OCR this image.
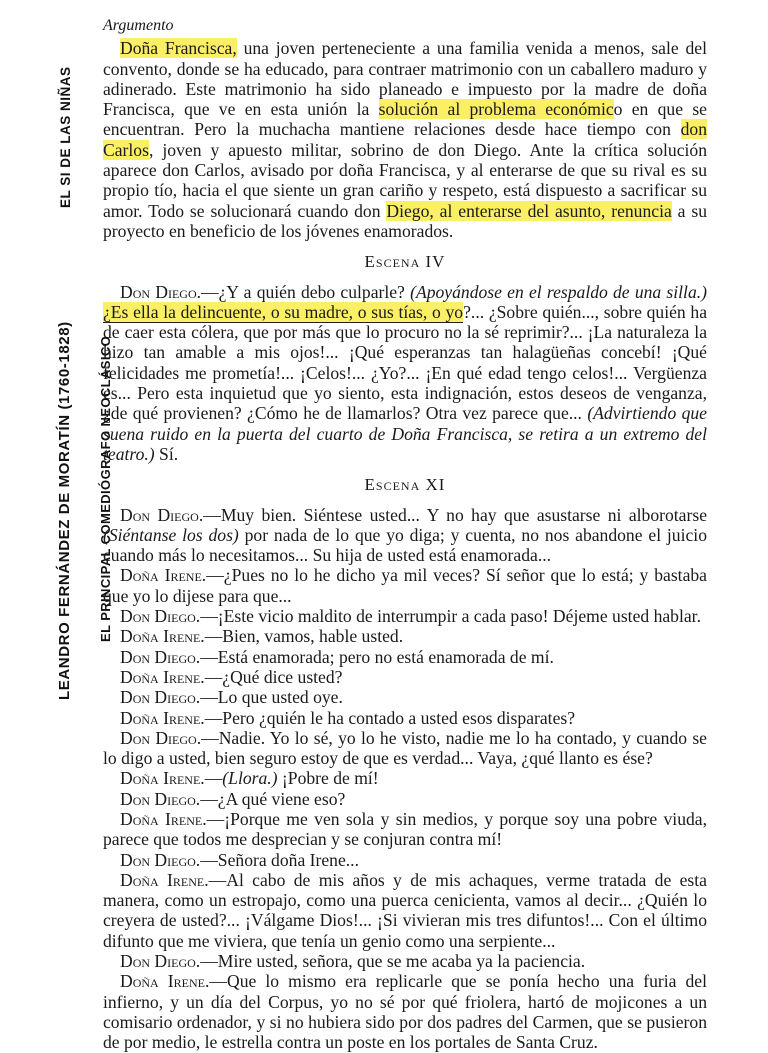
EL SI DE LAS NIÑAS
LEANDRO FERNÁNDEZ DE MORATÍN (1760-1828) EL PRINCIPAL COMEDIÓGRAFO NEOCLÁSICO
Argumento

Doña Francisca, una joven perteneciente a una familia venida a menos, sale del convento, donde se ha educado, para contraer matrimonio con un caballero maduro y adinerado. Este matrimonio ha sido planeado e impuesto por la madre de doña Francisca, que ve en esta unión la solución al problema económico en que se encuentran. Pero la muchacha mantiene relaciones desde hace tiempo con don Carlos, joven y apuesto militar, sobrino de don Diego. Ante la crítica solución aparece don Carlos, avisado por doña Francisca, y al enterarse de que su rival es su propio tío, hacia el que siente un gran cariño y respeto, está dispuesto a sacrificar su amor. Todo se solucionará cuando don Diego, al enterarse del asunto, renuncia a su proyecto en beneficio de los jóvenes enamorados.

Escena IV

Don Diego.—¿Y a quién debo culparle? (Apoyándose en el respaldo de una silla.) ¿Es ella la delincuente, o su madre, o sus tías, o yo?... ¿Sobre quién..., sobre quién ha de caer esta cólera, que por más que lo procuro no la sé reprimir?... ¡La naturaleza la hizo tan amable a mis ojos!... ¡Qué esperanzas tan halagüeñas concebí! ¡Qué felicidades me prometía!... ¡Celos!... ¿Yo?... ¡En qué edad tengo celos!... Vergüenza es... Pero esta inquietud que yo siento, esta indignación, estos deseos de venganza, ¿de qué provienen? ¿Cómo he de llamarlos? Otra vez parece que... (Advirtiendo que suena ruido en la puerta del cuarto de Doña Francisca, se retira a un extremo del teatro.) Sí.

Escena XI

Don Diego.—Muy bien. Siéntese usted... Y no hay que asustarse ni alborotarse (Siéntanse los dos) por nada de lo que yo diga; y cuenta, no nos abandone el juicio cuando más lo necesitamos... Su hija de usted está enamorada...

Doña Irene.—¿Pues no lo he dicho ya mil veces? Sí señor que lo está; y bastaba que yo lo dijese para que...

Don Diego.—¡Este vicio maldito de interrumpir a cada paso! Déjeme usted hablar.

Doña Irene.—Bien, vamos, hable usted.

Don Diego.—Está enamorada; pero no está enamorada de mí.

Doña Irene.—¿Qué dice usted?

Don Diego.—Lo que usted oye.

Doña Irene.—Pero ¿quién le ha contado a usted esos disparates?

Don Diego.—Nadie. Yo lo sé, yo lo he visto, nadie me lo ha contado, y cuando se lo digo a usted, bien seguro estoy de que es verdad... Vaya, ¿qué llanto es ése?

Doña Irene.—(Llora.) ¡Pobre de mí!

Don Diego.—¿A qué viene eso?

Doña Irene.—¡Porque me ven sola y sin medios, y porque soy una pobre viuda, parece que todos me desprecian y se conjuran contra mí!

Don Diego.—Señora doña Irene...

Doña Irene.—Al cabo de mis años y de mis achaques, verme tratada de esta manera, como un estropajo, como una puerca cenicienta, vamos al decir... ¿Quién lo creyera de usted?... ¡Válgame Dios!... ¡Si vivieran mis tres difuntos!... Con el último difunto que me viviera, que tenía un genio como una serpiente...

Don Diego.—Mire usted, señora, que se me acaba ya la paciencia.

Doña Irene.—Que lo mismo era replicarle que se ponía hecho una furia del infierno, y un día del Corpus, yo no sé por qué friolera, hartó de mojicones a un comisario ordenador, y si no hubiera sido por dos padres del Carmen, que se pusieron de por medio, le estrella contra un poste en los portales de Santa Cruz.
